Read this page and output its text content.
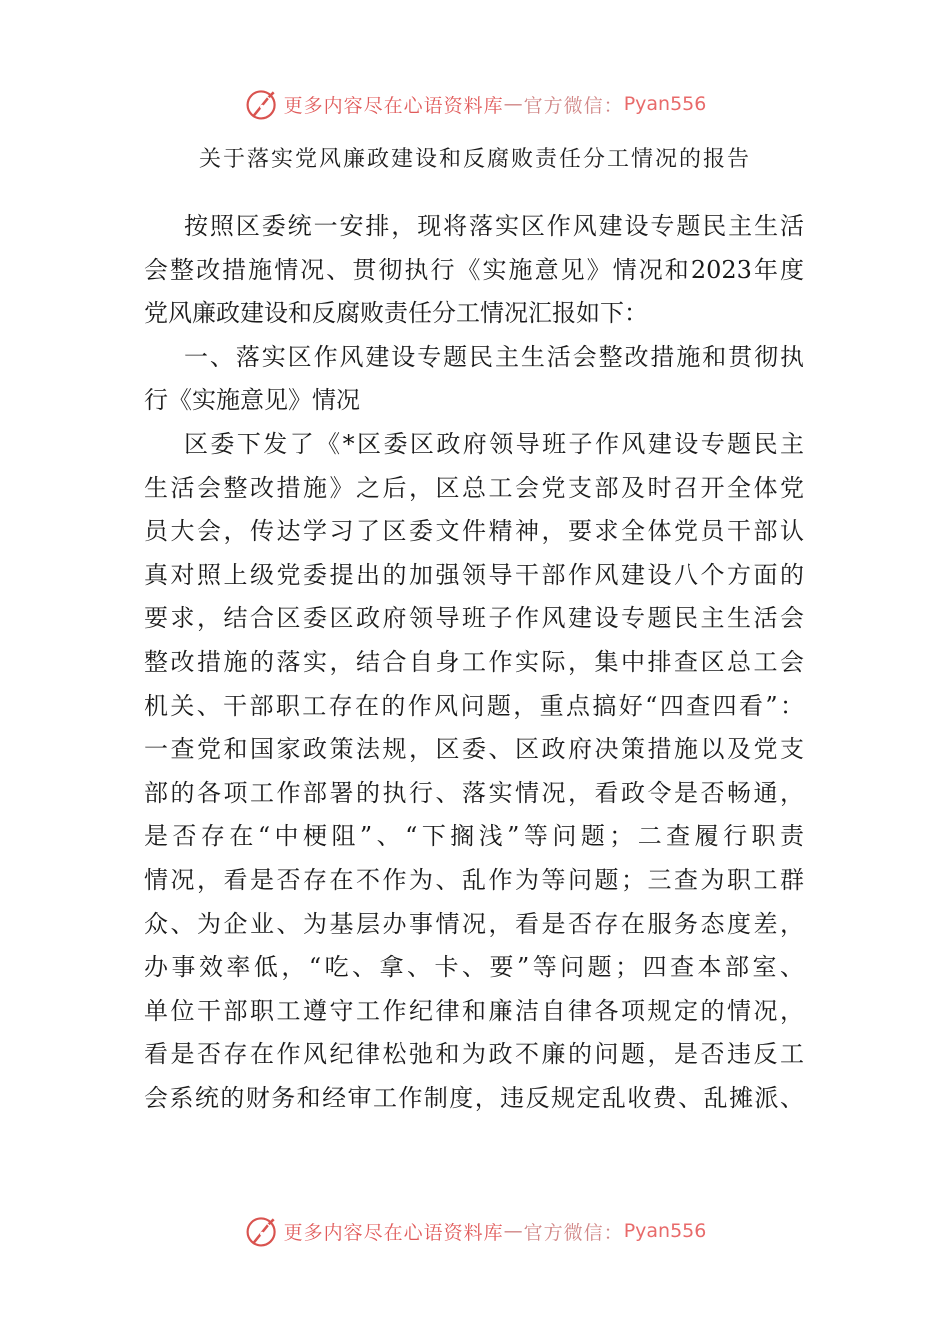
更多内容尽在心语资料库 — 官方微信： Pyan556
关于落实党风廉政建设和反腐败责任分工情况的报告
按照区委统一安排，现将落实区作风建设专题民主生活
会整改措施情况、贯彻执行《实施意见》情况和2023年度
党风廉政建设和反腐败责任分工情况汇报如下：
一、落实区作风建设专题民主生活会整改措施和贯彻执
行《实施意见》情况
区委下发了《*区委区政府领导班子作风建设专题民主
生活会整改措施》之后，区总工会党支部及时召开全体党
员大会，传达学习了区委文件精神，要求全体党员干部认
真对照上级党委提出的加强领导干部作风建设八个方面的
要求，结合区委区政府领导班子作风建设专题民主生活会
整改措施的落实，结合自身工作实际，集中排查区总工会
机关、干部职工存在的作风问题，重点搞好“四查四看”：
一查党和国家政策法规，区委、区政府决策措施以及党支
部的各项工作部署的执行、落实情况，看政令是否畅通，
是否存在“中梗阻”、“下搁浅”等问题；二查履行职责
情况，看是否存在不作为、乱作为等问题；三查为职工群
众、为企业、为基层办事情况，看是否存在服务态度差，
办事效率低，“吃、拿、卡、要”等问题；四查本部室、
单位干部职工遵守工作纪律和廉洁自律各项规定的情况，
看是否存在作风纪律松弛和为政不廉的问题，是否违反工
会系统的财务和经审工作制度，违反规定乱收费、乱摊派、
更多内容尽在心语资料库 — 官方微信： Pyan556
